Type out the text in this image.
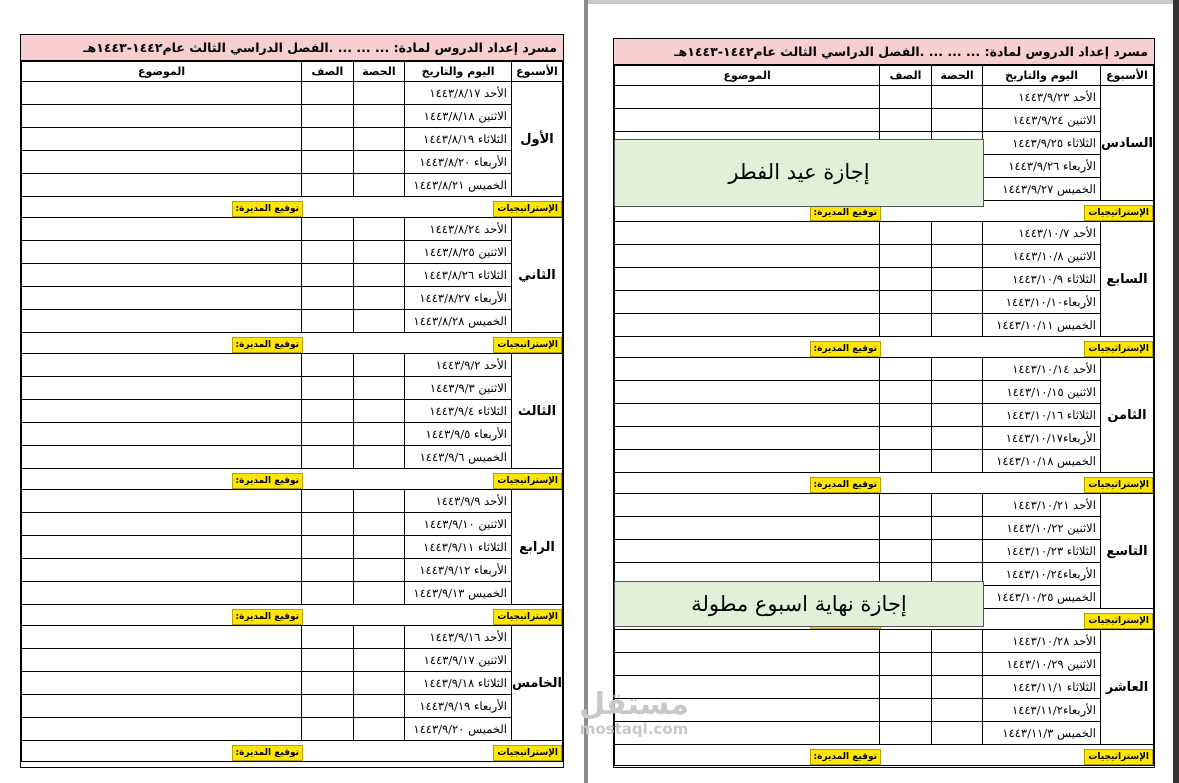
مسرد إعداد الدروس لمادة: ... ... ... .الفصل الدراسي الثالث عام١٤٤٢-١٤٤٣هـ
الأسبوع	اليوم والتاريخ	الحصة	الصف	الموضوع
الأول	الأحد ١٤٤٣/٨/١٧			
	الاثنين ١٤٤٣/٨/١٨			
	الثلاثاء ١٤٤٣/٨/١٩			
	الأربعاء ١٤٤٣/٨/٢٠			
	الخميس ١٤٤٣/٨/٢١			

الإستراتيجيات
توقيع المديرة:				

الثاني	الأحد ١٤٤٣/٨/٢٤			
	الاثنين ١٤٤٣/٨/٢٥			
	الثلاثاء ١٤٤٣/٨/٢٦			
	الأربعاء ١٤٤٣/٨/٢٧			
	الخميس ١٤٤٣/٨/٢٨			

الإستراتيجيات
توقيع المديرة:				

الثالث	الأحد ١٤٤٣/٩/٢			
	الاثنين ١٤٤٣/٩/٣			
	الثلاثاء ١٤٤٣/٩/٤			
	الأربعاء ١٤٤٣/٩/٥			
	الخميس ١٤٤٣/٩/٦			

الإستراتيجيات
توقيع المديرة:				

الرابع	الأحد ١٤٤٣/٩/٩			
	الاثنين ١٤٤٣/٩/١٠			
	الثلاثاء ١٤٤٣/٩/١١			
	الأربعاء ١٤٤٣/٩/١٢			
	الخميس ١٤٤٣/٩/١٣			

الإستراتيجيات
توقيع المديرة:				

الخامس	الأحد ١٤٤٣/٩/١٦			
	الاثنين ١٤٤٣/٩/١٧			
	الثلاثاء ١٤٤٣/٩/١٨			
	الأربعاء ١٤٤٣/٩/١٩			
	الخميس ١٤٤٣/٩/٢٠			

الإستراتيجيات
توقيع المديرة:				
مسرد إعداد الدروس لمادة: ... ... ... .الفصل الدراسي الثالث عام١٤٤٢-١٤٤٣هـ
الأسبوع	اليوم والتاريخ	الحصة	الصف	الموضوع
السادس	الأحد ١٤٤٣/٩/٢٣			
	الاثنين ١٤٤٣/٩/٢٤			
	الثلاثاء ١٤٤٣/٩/٢٥			
	الأربعاء ١٤٤٣/٩/٢٦			
	الخميس ١٤٤٣/٩/٢٧			

الإستراتيجيات
توقيع المديرة:				

السابع	الأحد ١٤٤٣/١٠/٧			
	الاثنين ١٤٤٣/١٠/٨			
	الثلاثاء ١٤٤٣/١٠/٩			
	الأربعاء١٤٤٣/١٠/١٠			
	الخميس ١٤٤٣/١٠/١١			

الإستراتيجيات
توقيع المديرة:				

الثامن	الأحد ١٤٤٣/١٠/١٤			
	الاثنين ١٤٤٣/١٠/١٥			
	الثلاثاء ١٤٤٣/١٠/١٦			
	الأربعاء١٤٤٣/١٠/١٧			
	الخميس ١٤٤٣/١٠/١٨			

الإستراتيجيات
توقيع المديرة:				

التاسع	الأحد ١٤٤٣/١٠/٢١			
	الاثنين ١٤٤٣/١٠/٢٢			
	الثلاثاء ١٤٤٣/١٠/٢٣			
	الأربعاء١٤٤٣/١٠/٢٤			
	الخميس ١٤٤٣/١٠/٢٥			

الإستراتيجيات				

العاشر	الأحد ١٤٤٣/١٠/٢٨			
	الاثنين ١٤٤٣/١٠/٢٩			
	الثلاثاء ١٤٤٣/١١/١			
	الأربعاء١٤٤٣/١١/٢			
	الخميس ١٤٤٣/١١/٣			

الإستراتيجيات
توقيع المديرة:				
إجازة عيد الفطر
إجازة نهاية اسبوع مطولة
مستقل
mostaql.com
